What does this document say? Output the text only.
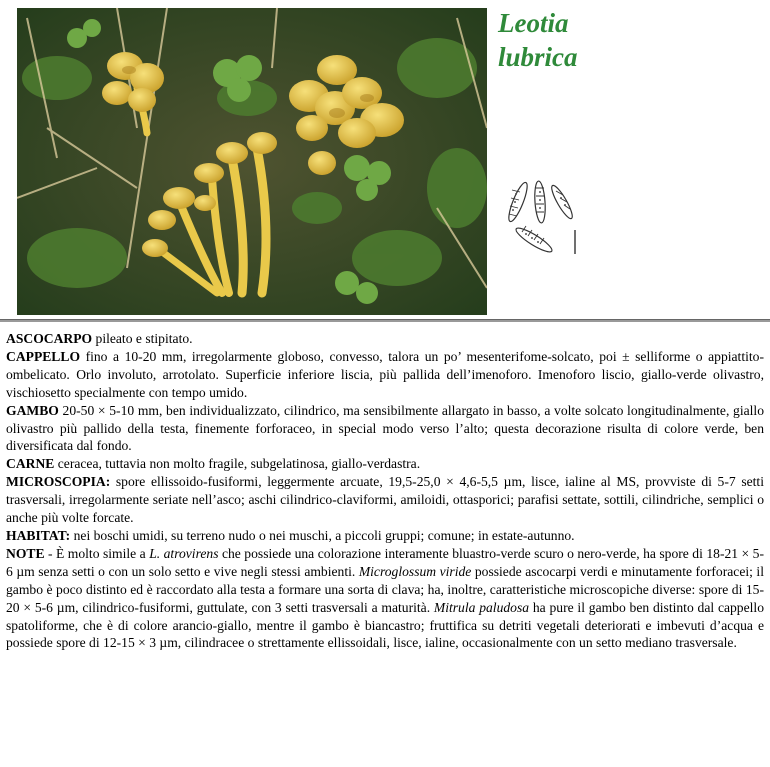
Leotia
lubrica

ASCOCARPO pileato e stipitato.

CAPPELLO fino a 10-20 mm, irregolarmente globoso, convesso, talora un po’ mesenterifome-solcato, poi ± selliforme o appiattito-ombelicato. Orlo involuto, arrotolato. Superficie inferiore liscia, più pallida dell’imenoforo. Imenoforo liscio, giallo-verde olivastro, vischiosetto specialmente con tempo umido.

GAMBO 20-50 × 5-10 mm, ben individualizzato, cilindrico, ma sensibilmente allargato in basso, a volte solcato longitudinalmente, giallo olivastro più pallido della testa, finemente forforaceo, in special modo verso l’alto; questa decorazione risulta di colore verde, ben diversificata dal fondo.

CARNE ceracea, tuttavia non molto fragile, subgelatinosa, giallo-verdastra.

MICROSCOPIA: spore ellissoido-fusiformi, leggermente arcuate, 19,5-25,0 × 4,6-5,5 µm, lisce, ialine al MS, provviste di 5-7 setti trasversali, irregolarmente seriate nell’asco; aschi cilindrico-claviformi, amiloidi, ottasporici; parafisi settate, sottili, cilindriche, semplici o anche più volte forcate.

HABITAT: nei boschi umidi, su terreno nudo o nei muschi, a piccoli gruppi; comune; in estate-autunno.

NOTE - È molto simile a L. atrovirens che possiede una colorazione interamente bluastro-verde scuro o nero-verde, ha spore di 18-21 × 5-6 µm senza setti o con un solo setto e vive negli stessi ambienti. Microglossum viride possiede ascocarpi verdi e minutamente forforacei; il gambo è poco distinto ed è raccordato alla testa a formare una sorta di clava; ha, inoltre, caratteristiche microscopiche diverse: spore di 15-20 × 5-6 µm, cilindrico-fusiformi, guttulate, con 3 setti trasversali a maturità. Mitrula paludosa ha pure il gambo ben distinto dal cappello spatoliforme, che è di colore arancio-giallo, mentre il gambo è biancastro; fruttifica su detriti vegetali deteriorati e imbevuti d’acqua e possiede spore di 12-15 × 3 µm, cilindracee o strettamente ellissoidali, lisce, ialine, occasionalmente con un setto mediano trasversale.
